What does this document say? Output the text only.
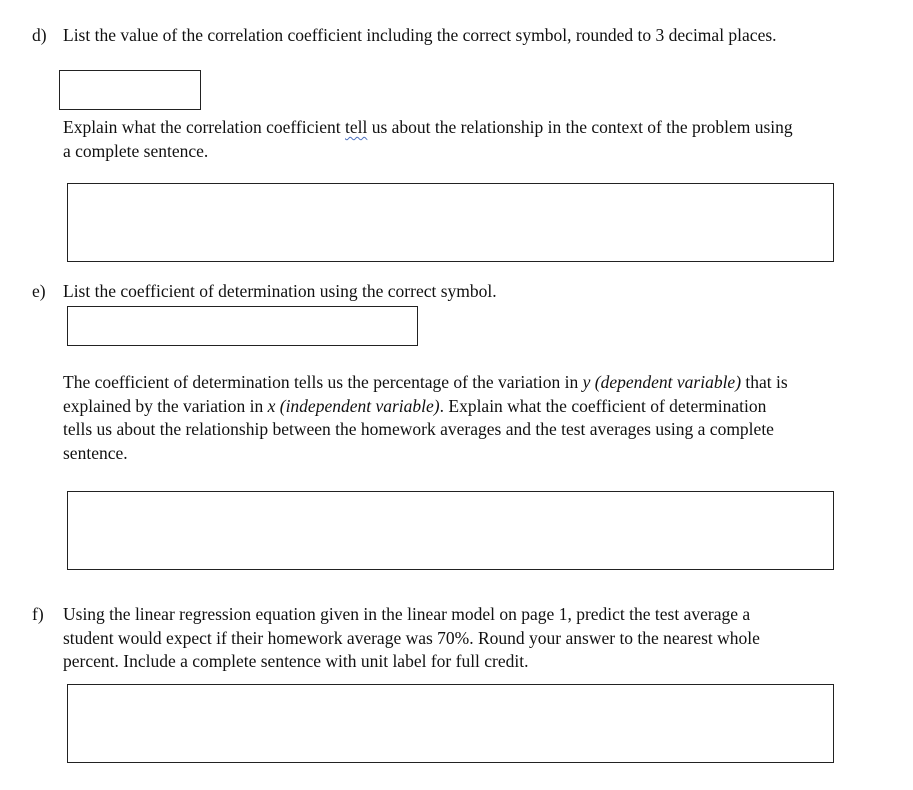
d) List the value of the correlation coefficient including the correct symbol, rounded to 3 decimal places.
Explain what the correlation coefficient tell us about the relationship in the context of the problem using
a complete sentence.
e) List the coefficient of determination using the correct symbol.
The coefficient of determination tells us the percentage of the variation in y (dependent variable) that is
explained by the variation in x (independent variable). Explain what the coefficient of determination
tells us about the relationship between the homework averages and the test averages using a complete
sentence.
f) Using the linear regression equation given in the linear model on page 1, predict the test average a
student would expect if their homework average was 70%. Round your answer to the nearest whole
percent. Include a complete sentence with unit label for full credit.
